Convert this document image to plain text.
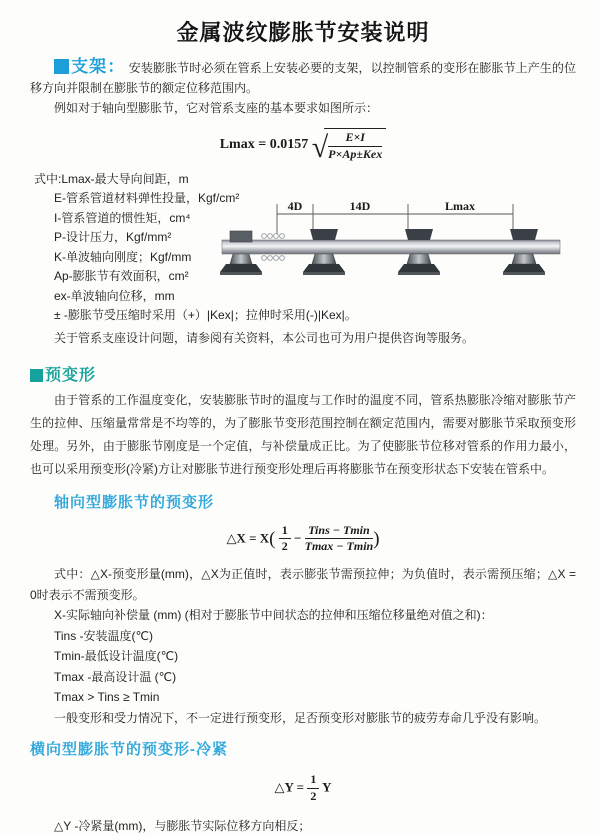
金属波纹膨胀节安装说明

支架： 安装膨胀节时必须在管系上安装必要的支架，以控制管系的变形在膨胀节上产生的位移方向并限制在膨胀节的额定位移范围内。

例如对于轴向型膨胀节，它对管系支座的基本要求如图所示：

Lmax = 0.0157 √ $\frac{E\times I}{\text{P×Ap±Kex}}$
式中:Lmax-最大导向间距，m
E-管系管道材料弹性投量，Kgf/cm²
I-管系管道的惯性矩，cm⁴
P-设计压力，Kgf/mm²
K-单波轴向刚度；Kgf/mm
Ap-膨胀节有效面积，cm²
ex-单波轴向位移，mm
± -膨胀节受压缩时采用（+）|Kex|；拉伸时采用(-)|Kex|。
4D	14D	Lmax

关于管系支座设计问题，请参阅有关资料，本公司也可为用户提供咨询等服务。

预变形

由于管系的工作温度变化，安装膨胀节时的温度与工作时的温度不同，管系热膨胀冷缩对膨胀节产生的拉伸、压缩量常常是不均等的，为了膨胀节变形范围控制在额定范围内，需要对膨胀节采取预变形处理。另外，由于膨胀节刚度是一个定值，与补偿量成正比。为了使膨胀节位移对管系的作用力最小，也可以采用预变形(冷紧)方让对膨胀节进行预变形处理后再将膨胀节在预变形状态下安装在管系中。

轴向型膨胀节的预变形
△X = $X( \frac{1}{2} - \frac{\text{Tins − Tmin}}{Tmax - Tmin}$ )

式中：△X-预变形量(mm)，△X为正值时，表示膨张节需预拉伸；为负值时，表示需预压缩；△X = 0时表示不需预变形。

X-实际轴向补偿量 (mm) (相对于膨胀节中间状态的拉伸和压缩位移量绝对值之和)：

Tins -安装温度(℃)

Tmin-最低设计温度(℃)

Tmax -最高设计温 (℃)

Tmax > Tins ≥ Tmin

一般变形和受力情况下，不一定进行预变形，足否预变形对膨胀节的疲劳寿命几乎没有影响。

横向型膨胀节的预变形-冷紧
△Y = $\frac{1}{2}$ Y

△Y -冷紧量(mm)，与膨胀节实际位移方向相反；
